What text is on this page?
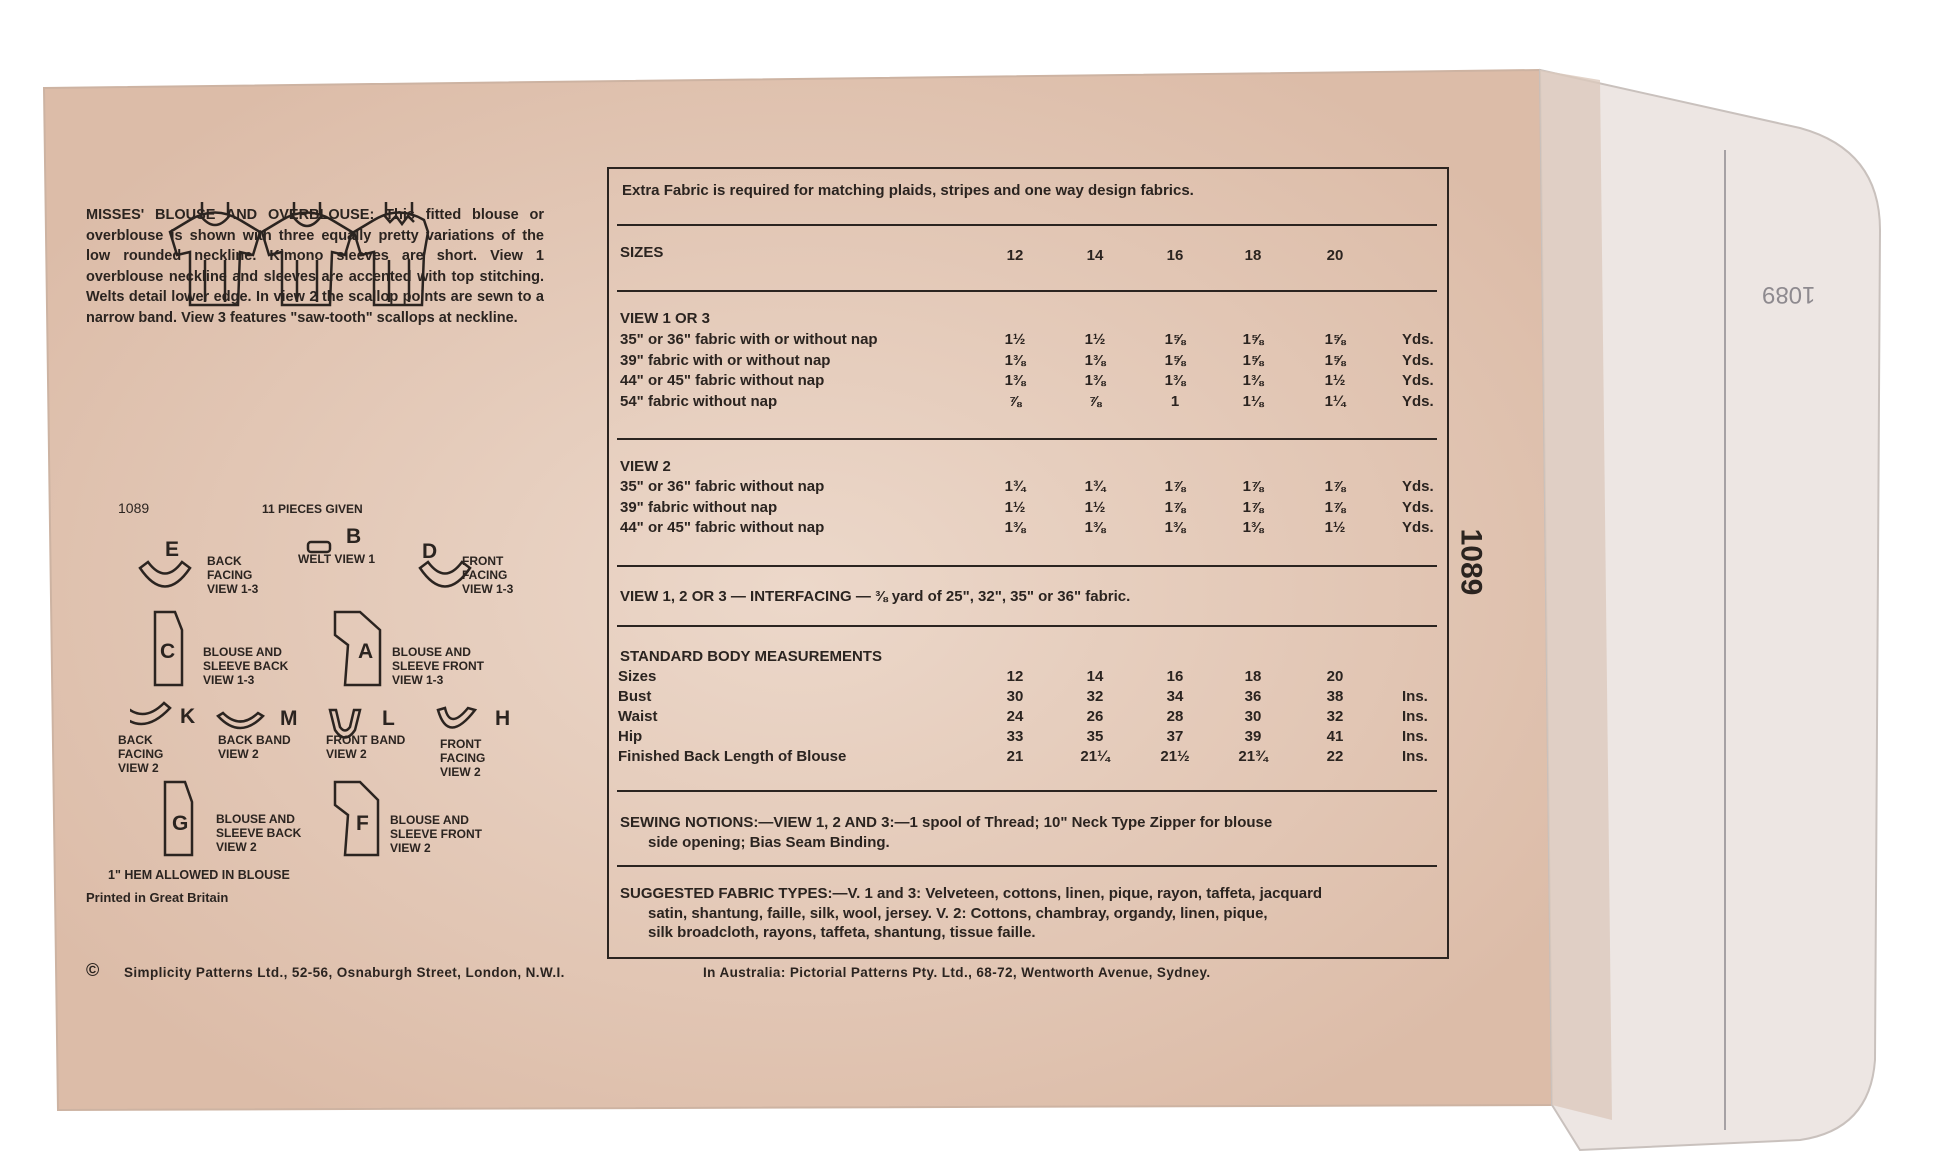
MISSES' BLOUSE AND OVERBLOUSE: This fitted blouse or overblouse is shown with three equally pretty variations of the low rounded neckline. Kimono sleeves are short. View 1 overblouse neckline and sleeves are accented with top stitching. Welts detail lower edge. In view 2 the scallop points are sewn to a narrow band. View 3 features "saw-tooth" scallops at neckline.
1089	11 PIECES GIVEN
E BACK
FACING
VIEW 1-3
B
WELT VIEW 1 D FRONT
FACING
VIEW 1-3
C BLOUSE AND
SLEEVE BACK
VIEW 1-3
A BLOUSE AND
SLEEVE FRONT
VIEW 1-3
K
BACK
FACING
VIEW 2
M
BACK BAND
VIEW 2
L
FRONT BAND
VIEW 2
H
FRONT
FACING
VIEW 2
G BLOUSE AND
SLEEVE BACK
VIEW 2
F BLOUSE AND
SLEEVE FRONT
VIEW 2
1" HEM ALLOWED IN BLOUSE
Printed in Great Britain
Extra Fabric is required for matching plaids, stripes and one way design fabrics.
SIZES	12	14	16	18	20
VIEW 1 OR 3
35" or 36" fabric with or without nap	1½	1½	1⅝	1⅝	1⅝	Yds.
39" fabric with or without nap	1⅜	1⅜	1⅝	1⅝	1⅝	Yds.
44" or 45" fabric without nap	1⅜	1⅜	1⅜	1⅜	1½	Yds.
54" fabric without nap	⅞	⅞	1	1⅛	1¼	Yds.
VIEW 2
35" or 36" fabric without nap	1¾	1¾	1⅞	1⅞	1⅞	Yds.
39" fabric without nap	1½	1½	1⅞	1⅞	1⅞	Yds.
44" or 45" fabric without nap	1⅜	1⅜	1⅜	1⅜	1½	Yds.
VIEW 1, 2 OR 3 — INTERFACING — ⅜ yard of 25", 32", 35" or 36" fabric.
STANDARD BODY MEASUREMENTS
Sizes	12	14	16	18	20
Bust	30	32	34	36	38	Ins.
Waist	24	26	28	30	32	Ins.
Hip	33	35	37	39	41	Ins.
Finished Back Length of Blouse	21	21¼	21½	21¾	22	Ins.
SEWING NOTIONS:—VIEW 1, 2 AND 3:—1 spool of Thread; 10" Neck Type Zipper for blouse
side opening; Bias Seam Binding.
SUGGESTED FABRIC TYPES:—V. 1 and 3: Velveteen, cottons, linen, pique, rayon, taffeta, jacquard
satin, shantung, faille, silk, wool, jersey. V. 2: Cottons, chambray, organdy, linen, pique,
silk broadcloth, rayons, taffeta, shantung, tissue faille.
© Simplicity Patterns Ltd., 52-56, Osnaburgh Street, London, N.W.I.	In Australia: Pictorial Patterns Pty. Ltd., 68-72, Wentworth Avenue, Sydney.
1089
1089
